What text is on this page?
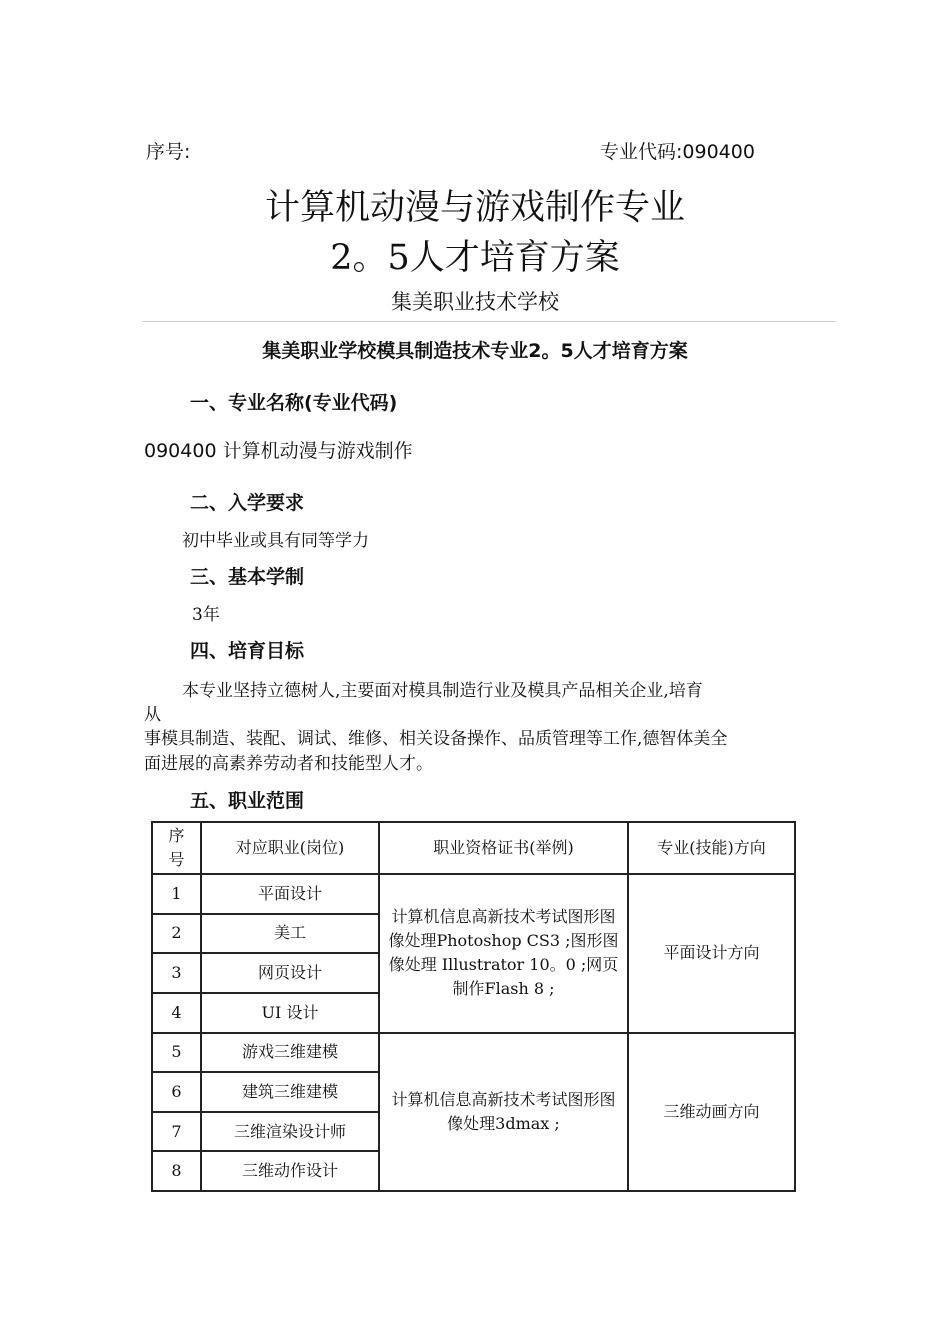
序号:	专业代码:090400
计算机动漫与游戏制作专业
2。5人才培育方案
集美职业技术学校
集美职业学校模具制造技术专业2。5人才培育方案
一、专业名称(专业代码)
090400 计算机动漫与游戏制作
二、入学要求
初中毕业或具有同等学力
三、基本学制
3年
四、培育目标
本专业坚持立德树人,主要面对模具制造行业及模具产品相关企业,培育
从
事模具制造、装配、调试、维修、相关设备操作、品质管理等工作,德智体美全
面进展的高素养劳动者和技能型人才。
五、职业范围
序号	对应职业(岗位)	职业资格证书(举例)	专业(技能)方向
1	平面设计	计算机信息高新技术考试图形图像处理Photoshop CS3 ;图形图像处理 Illustrator 10。0 ;网页制作Flash 8 ;	平面设计方向
2	美工		
3	网页设计		
4	UI 设计		
5	游戏三维建模	计算机信息高新技术考试图形图像处理3dmax ;	三维动画方向
6	建筑三维建模		
7	三维渲染设计师		
8	三维动作设计		
